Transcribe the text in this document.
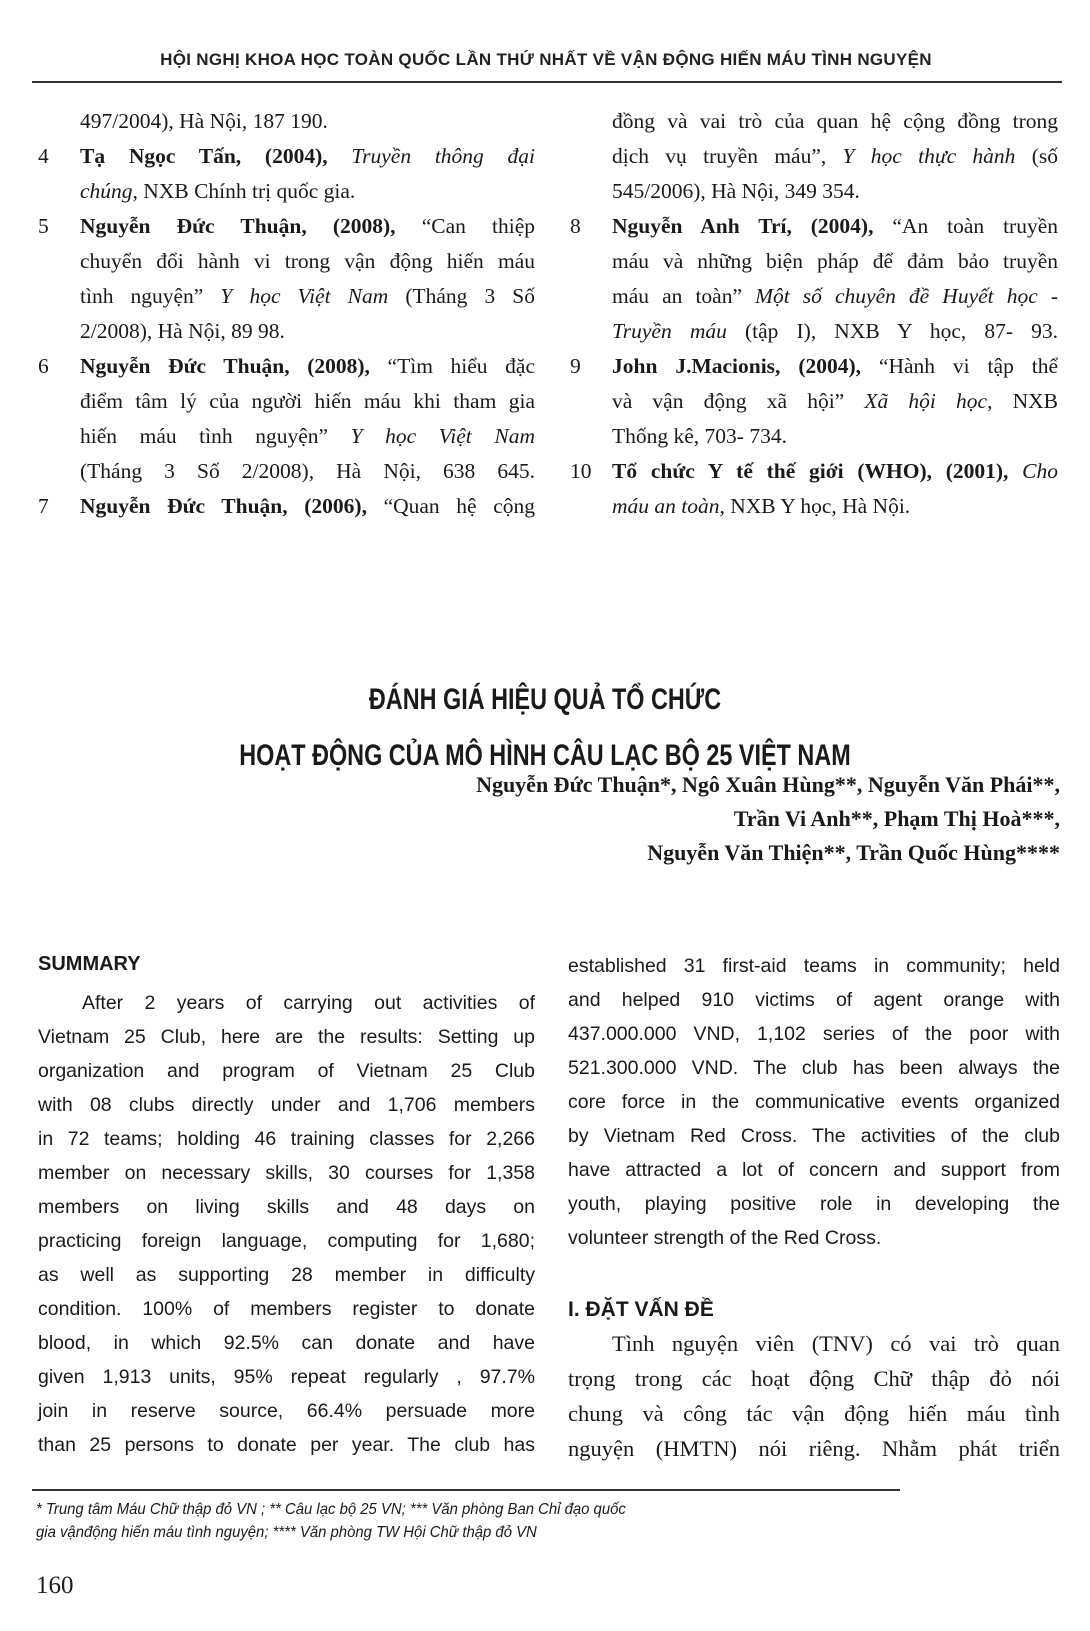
HỘI NGHỊ KHOA HỌC TOÀN QUỐC LẦN THỨ NHẤT VỀ VẬN ĐỘNG HIẾN MÁU TÌNH NGUYỆN
497/2004), Hà Nội, 187 190.
4	Tạ Ngọc Tấn, (2004), Truyền thông đại
chúng, NXB Chính trị quốc gia.
5	Nguyễn Đức Thuận, (2008), “Can thiệp
chuyển đổi hành vi trong vận động hiến máu
tình nguyện” Y học Việt Nam (Tháng 3 Số
2/2008), Hà Nội, 89 98.
6	Nguyễn Đức Thuận, (2008), “Tìm hiểu đặc
điểm tâm lý của người hiến máu khi tham gia
hiến máu tình nguyện” Y học Việt Nam
(Tháng 3 Số 2/2008), Hà Nội, 638 645.
7	Nguyễn Đức Thuận, (2006), “Quan hệ cộng
đồng và vai trò của quan hệ cộng đồng trong
dịch vụ truyền máu”, Y học thực hành (số
545/2006), Hà Nội, 349 354.
8	Nguyễn Anh Trí, (2004), “An toàn truyền
máu và những biện pháp để đảm bảo truyền
máu an toàn” Một số chuyên đề Huyết học -
Truyền máu (tập I), NXB Y học, 87- 93.
9	John J.Macionis, (2004), “Hành vi tập thể
và vận động xã hội” Xã hội học, NXB
Thống kê, 703- 734.
10 Tổ chức Y tế thế giới (WHO), (2001), Cho
máu an toàn, NXB Y học, Hà Nội.
ĐÁNH GIÁ HIỆU QUẢ TỔ CHỨC
HOẠT ĐỘNG CỦA MÔ HÌNH CÂU LẠC BỘ 25 VIỆT NAM
Nguyễn Đức Thuận*, Ngô Xuân Hùng**, Nguyễn Văn Phái**,
Trần Vi Anh**, Phạm Thị Hoà***,
Nguyễn Văn Thiện**, Trần Quốc Hùng****
SUMMARY
After 2 years of carrying out activities of
Vietnam 25 Club, here are the results: Setting up
organization and program of Vietnam 25 Club
with 08 clubs directly under and 1,706 members
in 72 teams; holding 46 training classes for 2,266
member on necessary skills, 30 courses for 1,358
members on living skills and 48 days on
practicing foreign language, computing for 1,680;
as well as supporting 28 member in difficulty
condition. 100% of members register to donate
blood, in which 92.5% can donate and have
given 1,913 units, 95% repeat regularly , 97.7%
join in reserve source, 66.4% persuade more
than 25 persons to donate per year. The club has
established 31 first-aid teams in community; held
and helped 910 victims of agent orange with
437.000.000 VND, 1,102 series of the poor with
521.300.000 VND. The club has been always the
core force in the communicative events organized
by Vietnam Red Cross. The activities of the club
have attracted a lot of concern and support from
youth, playing positive role in developing the
volunteer strength of the Red Cross.
I. ĐẶT VẤN ĐỀ
Tình nguyện viên (TNV) có vai trò quan
trọng trong các hoạt động Chữ thập đỏ nói
chung và công tác vận động hiến máu tình
nguyện (HMTN) nói riêng. Nhằm phát triển
* Trung tâm Máu Chữ thập đỏ VN ; ** Câu lạc bộ 25 VN; *** Văn phòng Ban Chỉ đạo quốc
gia vậnđộng hiến máu tình nguyện; **** Văn phòng TW Hội Chữ thập đỏ VN
160
